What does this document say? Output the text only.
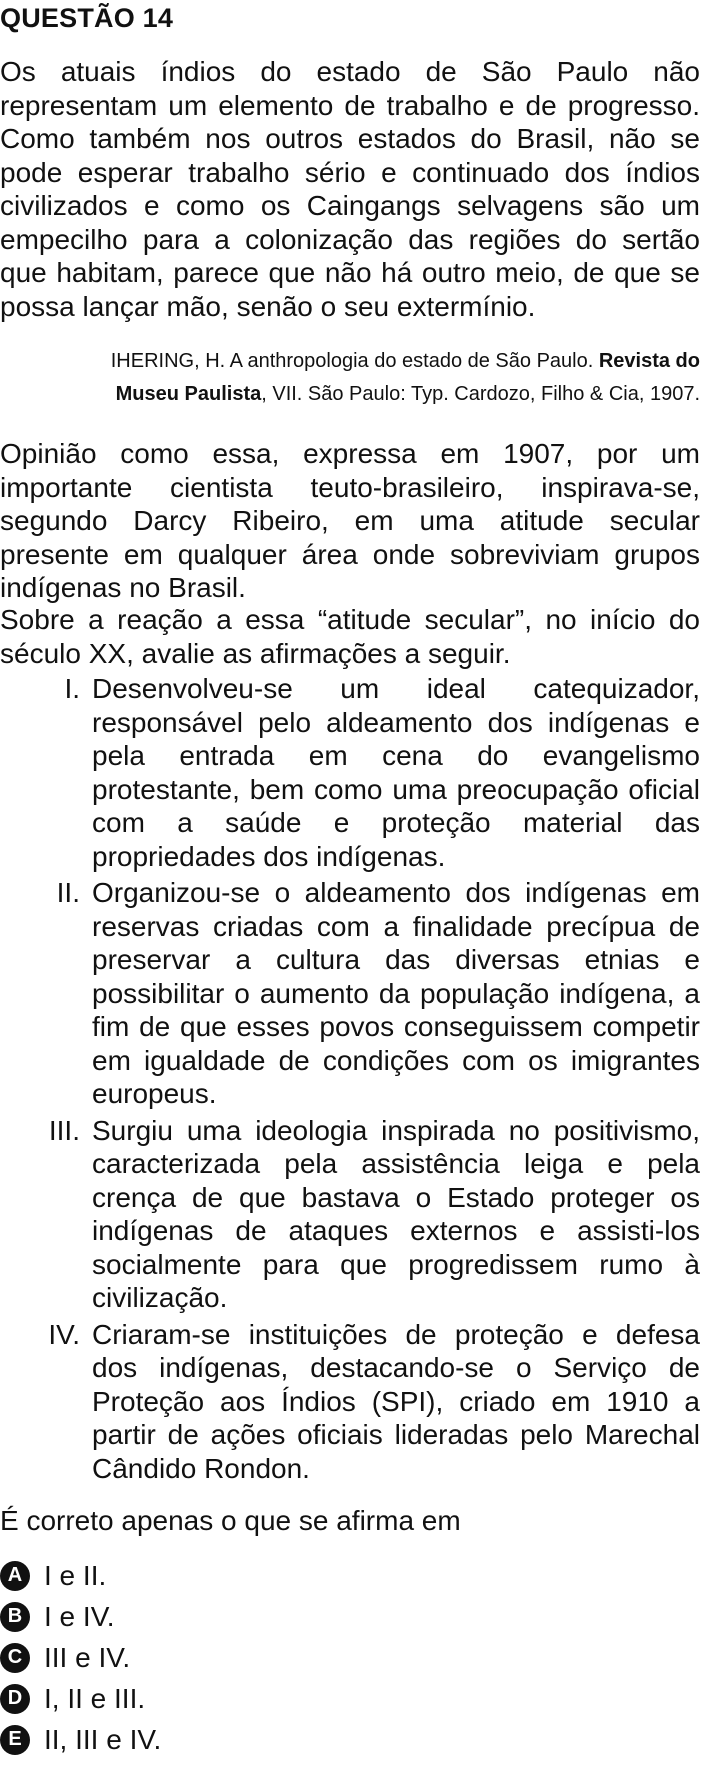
QUESTÃO 14

Os atuais índios do estado de São Paulo não representam um elemento de trabalho e de progresso. Como também nos outros estados do Brasil, não se pode esperar trabalho sério e continuado dos índios civilizados e como os Caingangs selvagens são um empecilho para a colonização das regiões do sertão que habitam, parece que não há outro meio, de que se possa lançar mão, senão o seu extermínio.

IHERING, H. A anthropologia do estado de São Paulo. Revista do Museu Paulista, VII. São Paulo: Typ. Cardozo, Filho & Cia, 1907.

Opinião como essa, expressa em 1907, por um importante cientista teuto-brasileiro, inspirava-se, segundo Darcy Ribeiro, em uma atitude secular presente em qualquer área onde sobreviviam grupos indígenas no Brasil.

Sobre a reação a essa “atitude secular”, no início do século XX, avalie as afirmações a seguir.

I. Desenvolveu-se um ideal catequizador, responsável pelo aldeamento dos indígenas e pela entrada em cena do evangelismo protestante, bem como uma preocupação oficial com a saúde e proteção material das propriedades dos indígenas.
II. Organizou-se o aldeamento dos indígenas em reservas criadas com a finalidade precípua de preservar a cultura das diversas etnias e possibilitar o aumento da população indígena, a fim de que esses povos conseguissem competir em igualdade de condições com os imigrantes europeus.
III. Surgiu uma ideologia inspirada no positivismo, caracterizada pela assistência leiga e pela crença de que bastava o Estado proteger os indígenas de ataques externos e assisti-los socialmente para que progredissem rumo à civilização.
IV. Criaram-se instituições de proteção e defesa dos indígenas, destacando-se o Serviço de Proteção aos Índios (SPI), criado em 1910 a partir de ações oficiais lideradas pelo Marechal Cândido Rondon.
É correto apenas o que se afirma em
A I e II.
B I e IV.
C III e IV.
D I, II e III.
E II, III e IV.
